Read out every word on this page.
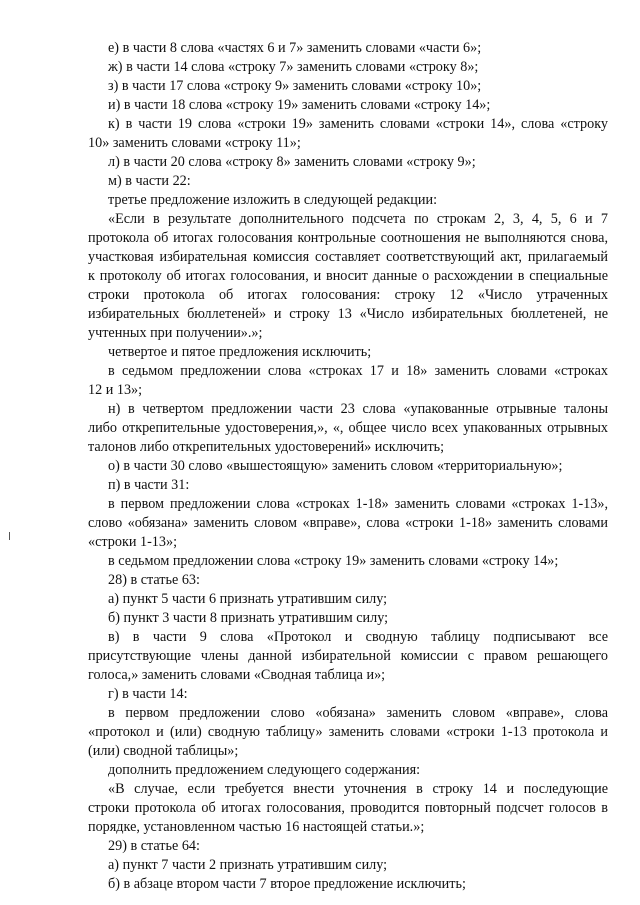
е) в части 8 слова «частях 6 и 7» заменить словами «части 6»;
ж) в части 14 слова «строку 7» заменить словами «строку 8»;
з) в части 17 слова «строку 9» заменить словами «строку 10»;
и) в части 18 слова «строку 19» заменить словами «строку 14»;
к) в части 19 слова «строки 19» заменить словами «строки 14», слова «строку
10» заменить словами «строку 11»;
л) в части 20 слова «строку 8» заменить словами «строку 9»;
м) в части 22:
третье предложение изложить в следующей редакции:
«Если в результате дополнительного подсчета по строкам 2, 3, 4, 5, 6 и 7
протокола об итогах голосования контрольные соотношения не выполняются снова,
участковая избирательная комиссия составляет соответствующий акт, прилагаемый
к протоколу об итогах голосования, и вносит данные о расхождении в специальные
строки протокола об итогах голосования: строку 12 «Число утраченных
избирательных бюллетеней» и строку 13 «Число избирательных бюллетеней, не
учтенных при получении».»;
четвертое и пятое предложения исключить;
в седьмом предложении слова «строках 17 и 18» заменить словами «строках
12 и 13»;
н) в четвертом предложении части 23 слова «упакованные отрывные талоны
либо открепительные удостоверения,», «, общее число всех упакованных отрывных
талонов либо открепительных удостоверений» исключить;
о) в части 30 слово «вышестоящую» заменить словом «территориальную»;
п) в части 31:
в первом предложении слова «строках 1-18» заменить словами «строках 1-13»,
слово «обязана» заменить словом «вправе», слова «строки 1-18» заменить словами
«строки 1-13»;
в седьмом предложении слова «строку 19» заменить словами «строку 14»;
28) в статье 63:
а) пункт 5 части 6 признать утратившим силу;
б) пункт 3 части 8 признать утратившим силу;
в) в части 9 слова «Протокол и сводную таблицу подписывают все
присутствующие члены данной избирательной комиссии с правом решающего
голоса,» заменить словами «Сводная таблица и»;
г) в части 14:
в первом предложении слово «обязана» заменить словом «вправе», слова
«протокол и (или) сводную таблицу» заменить словами «строки 1-13 протокола и
(или) сводной таблицы»;
дополнить предложением следующего содержания:
«В случае, если требуется внести уточнения в строку 14 и последующие
строки протокола об итогах голосования, проводится повторный подсчет голосов в
порядке, установленном частью 16 настоящей статьи.»;
29) в статье 64:
а) пункт 7 части 2 признать утратившим силу;
б) в абзаце втором части 7 второе предложение исключить;
